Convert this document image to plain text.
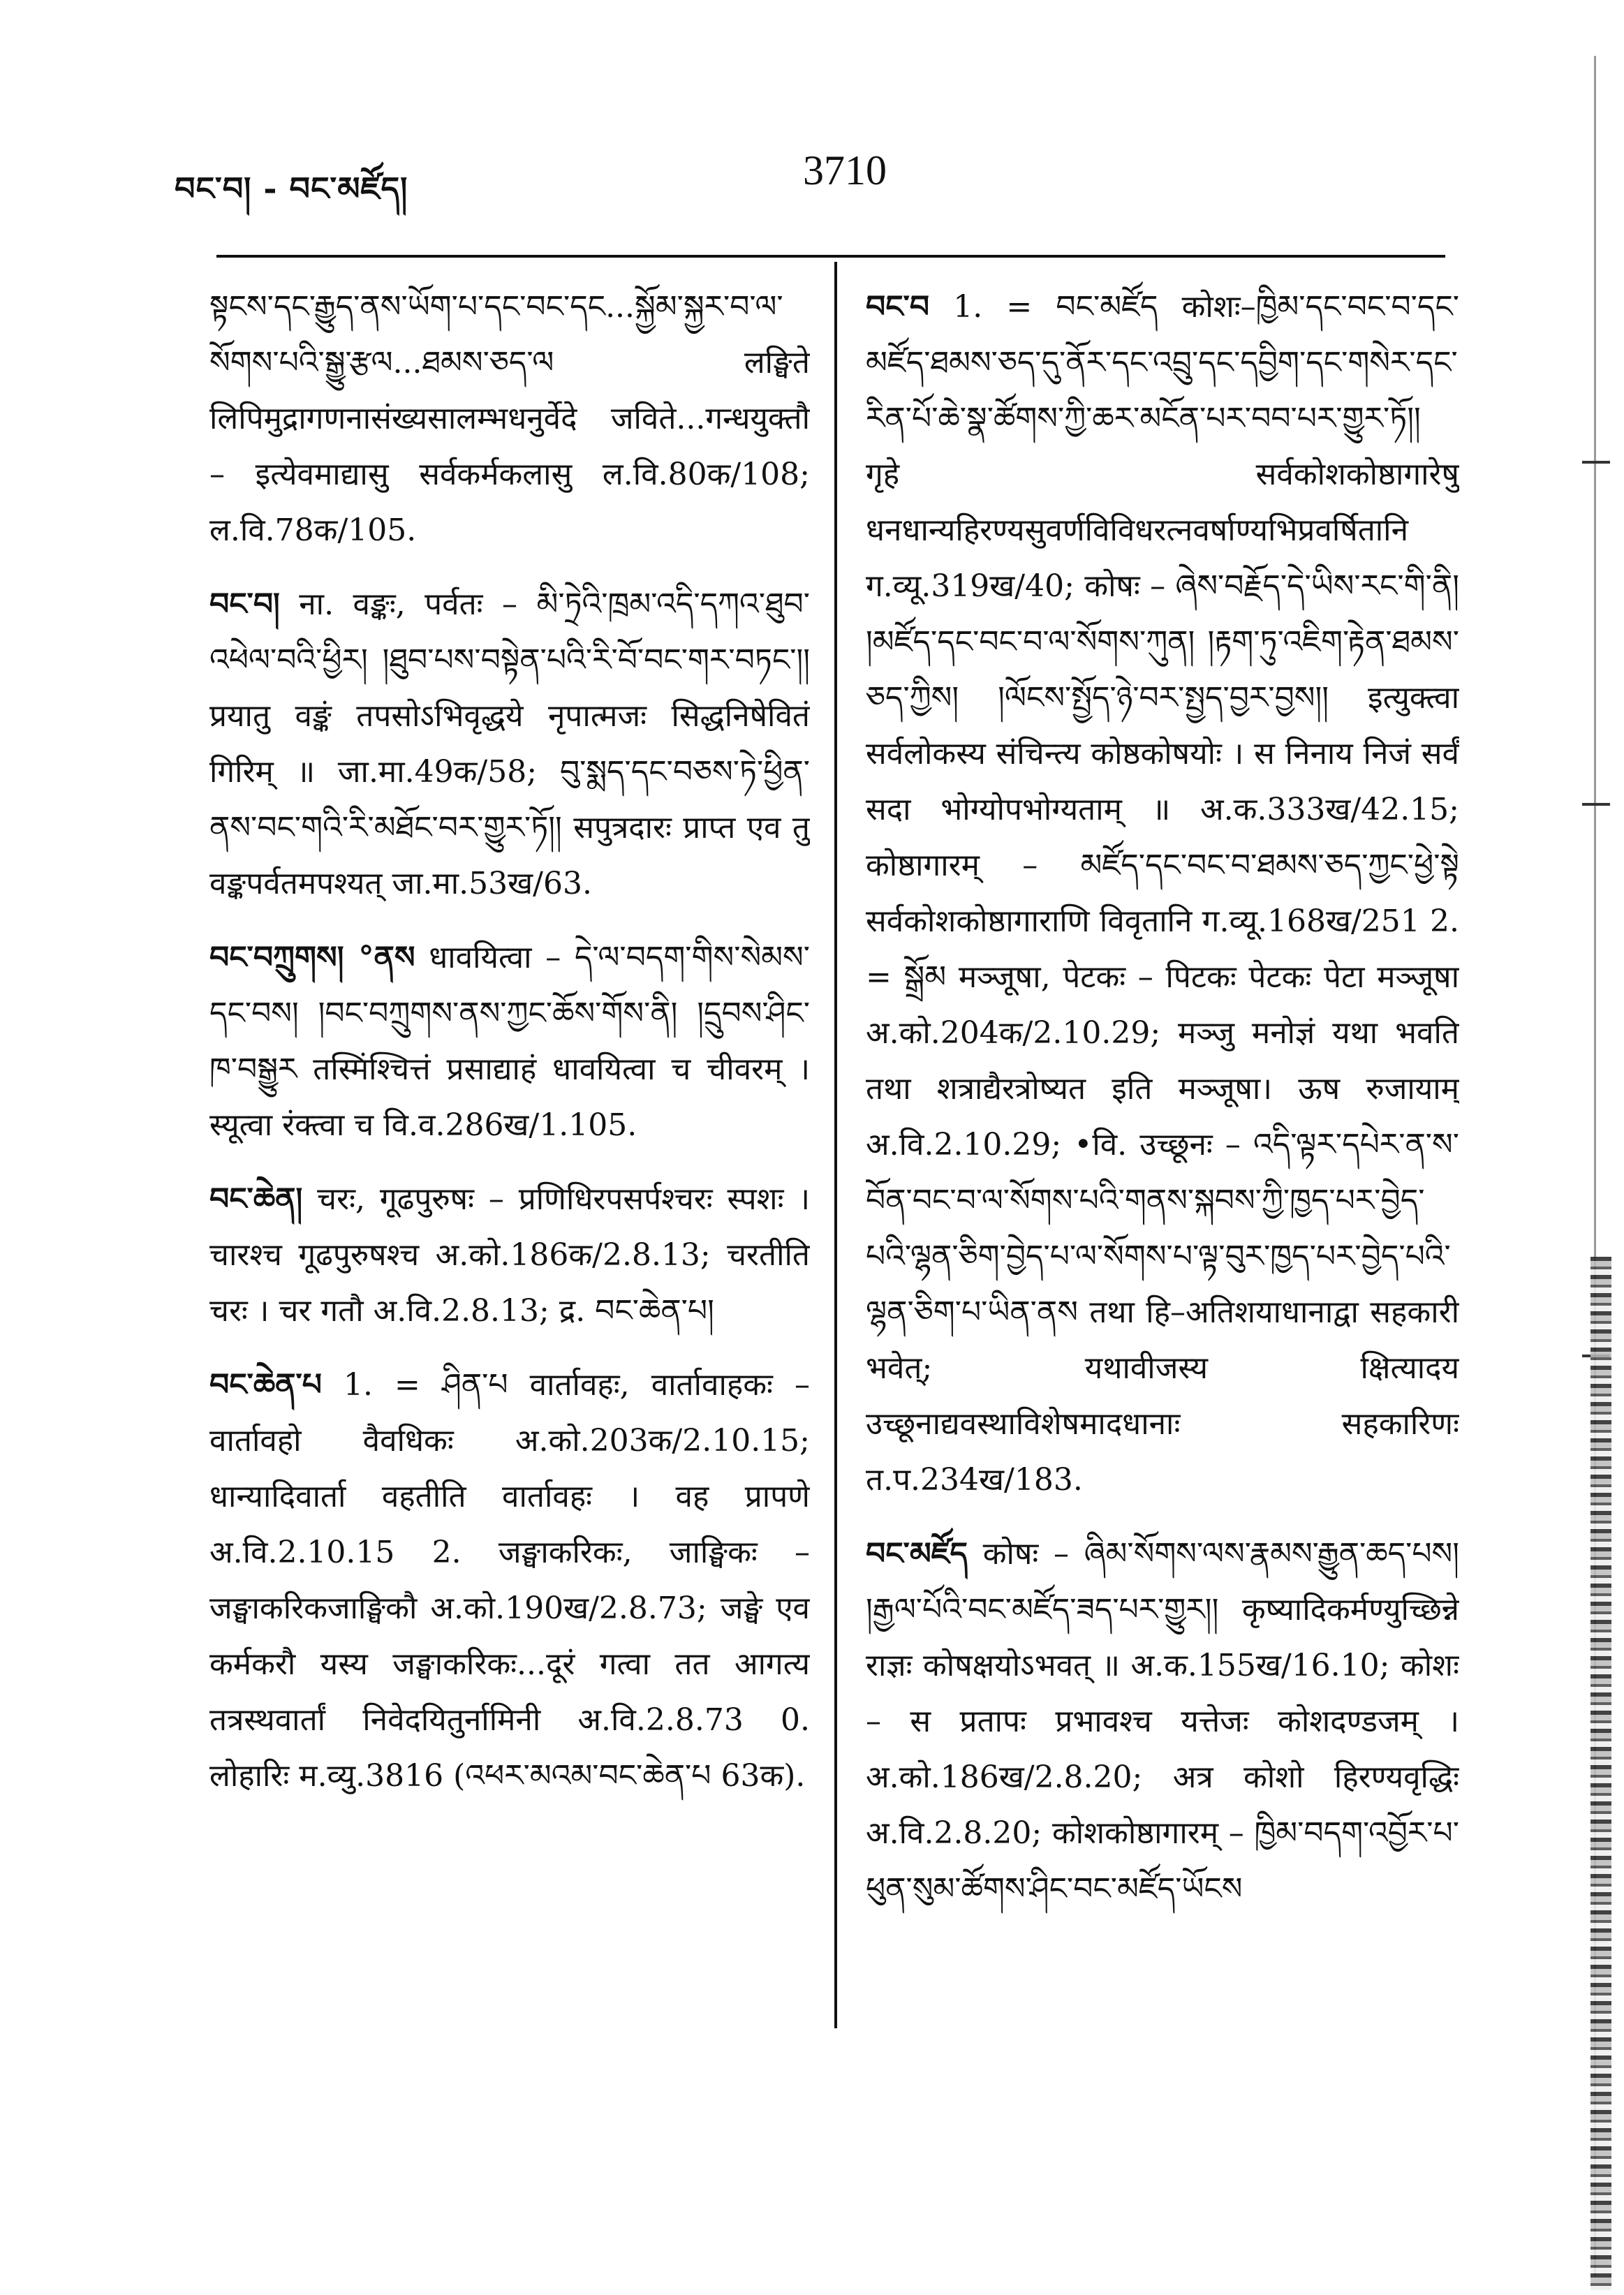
བང་བ། - བང་མཛོད།	3710

སྟངས་དང་རྒྱུད་ནས་ཡོག་པ་དང་བང་དང...སྐྱོམ་སྐྱར་བ་ལ་སོགས་པའི་སྒྱུ་རྩལ...ཐམས་ཅད་ལ लङ्घिते लिपिमुद्रागणनासंख्यसालम्भधनुर्वेदे जविते...गन्धयुक्तौ – इत्येवमाद्यासु सर्वकर्मकलासु ल.वि.80क/108; ल.वि.78क/105.

བང་བ། ना. वङ्कः, पर्वतः – མི་ཏྲེའི་ཁྲམ་འདི་དཀའ་ཐུབ་འཕེལ་བའི་ཕྱིར། །ཐུབ་པས་བསྟེན་པའི་རི་བོ་བང་གར་བཏང་།། प्रयातु वङ्कं तपसोऽभिवृद्धये नृपात्मजः सिद्धनिषेवितं गिरिम् ॥ जा.मा.49क/58; བུ་སྨད་དང་བཅས་ཏེ་ཕྱིན་ནས་བང་གའི་རི་མཐོང་བར་གྱུར་ཏོ།། सपुत्रदारः प्राप्त एव तु वङ्कपर्वतमपश्यत् जा.मा.53ख/63.

བང་བཀྲུགས། °ནས धावयित्वा – དེ་ལ་བདག་གིས་སེམས་དང་བས། །བང་བཀྲུགས་ནས་ཀྱང་ཆོས་གོས་ནི། །དྲུབས་ཤིང་ཁ་བསྒྱུར तस्मिंश्चित्तं प्रसाद्याहं धावयित्वा च चीवरम् । स्यूत्वा रंक्त्वा च वि.व.286ख/1.105.

བང་ཆེན། चरः, गूढपुरुषः – प्रणिधिरपसर्पश्चरः स्पशः । चारश्च गूढपुरुषश्च अ.को.186क/2.8.13; चरतीति चरः । चर गतौ अ.वि.2.8.13; द्र. བང་ཆེན་པ།

བང་ཆེན་པ 1. = ཤིན་པ वार्तावहः, वार्तावाहकः – वार्तावहो वैवधिकः अ.को.203क/2.10.15; धान्यादिवार्ता वहतीति वार्तावहः । वह प्रापणे अ.वि.2.10.15 2. जङ्घाकरिकः, जाङ्घिकः – जङ्घाकरिकजाङ्घिकौ अ.को.190ख/2.8.73; जङ्घे एव कर्मकरौ यस्य जङ्घाकरिकः...दूरं गत्वा तत आगत्य तत्रस्थवार्तां निवेदयितुर्नामिनी अ.वि.2.8.73 0. लोहारिः म.व्यु.3816 (འཕར་མའམ་བང་ཆེན་པ 63क).

བང་བ 1. = བང་མཛོད कोशः–ཁྱིམ་དང་བང་བ་དང་མཛོད་ཐམས་ཅད་དུ་ནོར་དང་འབྲུ་དང་དབྱིག་དང་གསེར་དང་རིན་པོ་ཆེ་སྣ་ཚོགས་ཀྱི་ཆར་མངོན་པར་བབ་པར་གྱུར་ཏོ།། गृहे सर्वकोशकोष्ठागारेषु धनधान्यहिरण्यसुवर्णविविधरत्नवर्षाण्यभिप्रवर्षितानि ग.व्यू.319ख/40; कोषः – ཞེས་བརྗོད་དེ་ཡིས་རང་གི་ནི། །མཛོད་དང་བང་བ་ལ་སོགས་ཀུན། །རྟག་ཏུ་འཇིག་རྟེན་ཐམས་ཅད་ཀྱིས། །ལོངས་སྤྱོད་ཉེ་བར་སྤྱད་བྱར་བྱས།། इत्युक्त्वा सर्वलोकस्य संचिन्त्य कोष्ठकोषयोः । स निनाय निजं सर्वं सदा भोग्योपभोग्यताम् ॥ अ.क.333ख/42.15; कोष्ठागारम् – མཛོད་དང་བང་བ་ཐམས་ཅད་ཀྱང་ཕྱེ་སྟེ सर्वकोशकोष्ठागाराणि विवृतानि ग.व्यू.168ख/251 2. = སྒྲོམ मञ्जूषा, पेटकः – पिटकः पेटकः पेटा मञ्जूषा अ.को.204क/2.10.29; मञ्जु मनोज्ञं यथा भवति तथा शत्राद्यैरत्रोष्यत इति मञ्जूषा। ऊष रुजायाम् अ.वि.2.10.29; •वि. उच्छूनः – འདི་ལྟར་དཔེར་ན་ས་བོན་བང་བ་ལ་སོགས་པའི་གནས་སྐབས་ཀྱི་ཁྱད་པར་བྱེད་པའི་ལྷན་ཅིག་བྱེད་པ་ལ་སོགས་པ་ལྟ་བུར་ཁྱད་པར་བྱེད་པའི་ལྷན་ཅིག་པ་ཡིན་ནས तथा हि–अतिशयाधानाद्वा सहकारी भवेत्; यथावीजस्य क्षित्यादय उच्छूनाद्यवस्थाविशेषमादधानाः सहकारिणः त.प.234ख/183.

བང་མཛོད कोषः – ཞིམ་སོགས་ལས་རྣམས་རྒྱུན་ཆད་པས། །རྒྱལ་པོའི་བང་མཛོད་ཟད་པར་གྱུར།། कृष्यादिकर्मण्युच्छिन्ने राज्ञः कोषक्षयोऽभवत् ॥ अ.क.155ख/16.10; कोशः – स प्रतापः प्रभावश्च यत्तेजः कोशदण्डजम् । अ.को.186ख/2.8.20; अत्र कोशो हिरण्यवृद्धिः अ.वि.2.8.20; कोशकोष्ठागारम् – ཁྱིམ་བདག་འབྱོར་པ་ཕུན་སུམ་ཚོགས་ཤིང་བང་མཛོད་ཡོངས
